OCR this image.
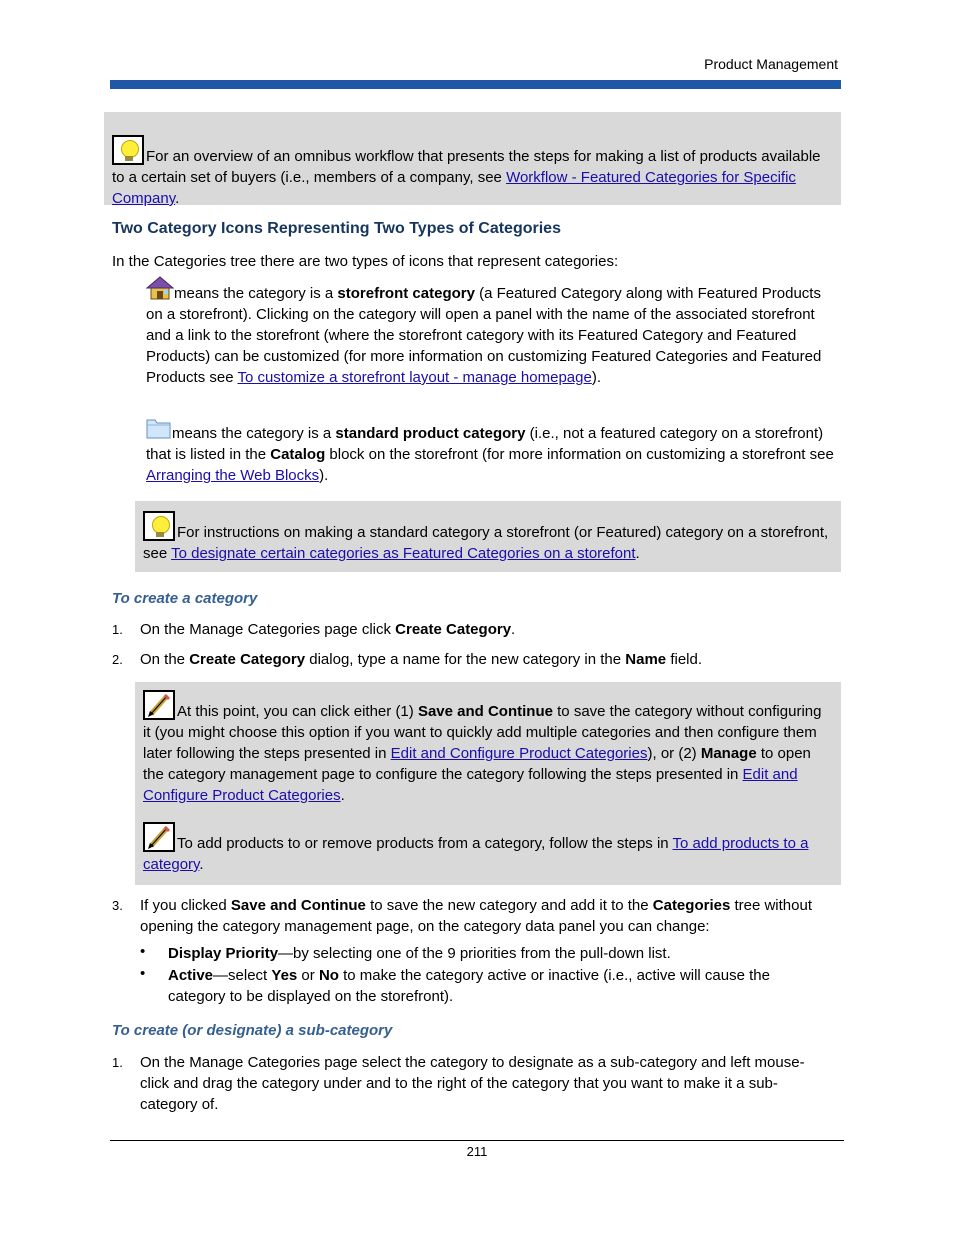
Product Management

For an overview of an omnibus workflow that presents the steps for making a list of products available to a certain set of buyers (i.e., members of a company, see Workflow - Featured Categories for Specific Company.

Two Category Icons Representing Two Types of Categories

In the Categories tree there are two types of icons that represent categories:

means the category is a storefront category (a Featured Category along with Featured Products on a storefront). Clicking on the category will open a panel with the name of the associated storefront and a link to the storefront (where the storefront category with its Featured Category and Featured Products) can be customized (for more information on customizing Featured Categories and Featured Products see To customize a storefront layout - manage homepage).

means the category is a standard product category (i.e., not a featured category on a storefront) that is listed in the Catalog block on the storefront (for more information on customizing a storefront see Arranging the Web Blocks).

For instructions on making a standard category a storefront (or Featured) category on a storefront, see To designate certain categories as Featured Categories on a storefont.

To create a category
1. On the Manage Categories page click Create Category.

2. On the Create Category dialog, type a name for the new category in the Name field.

At this point, you can click either (1) Save and Continue to save the category without configuring it (you might choose this option if you want to quickly add multiple categories and then configure them later following the steps presented in Edit and Configure Product Categories), or (2) Manage to open the category management page to configure the category following the steps presented in Edit and Configure Product Categories.

To add products to or remove products from a category, follow the steps in To add products to a category.

3. If you clicked Save and Continue to save the new category and add it to the Categories tree without opening the category management page, on the category data panel you can change:

• Display Priority—by selecting one of the 9 priorities from the pull-down list.

• Active—select Yes or No to make the category active or inactive (i.e., active will cause the category to be displayed on the storefront).

To create (or designate) a sub-category
1. On the Manage Categories page select the category to designate as a sub-category and left mouse-click and drag the category under and to the right of the category that you want to make it a sub-category of.

211
